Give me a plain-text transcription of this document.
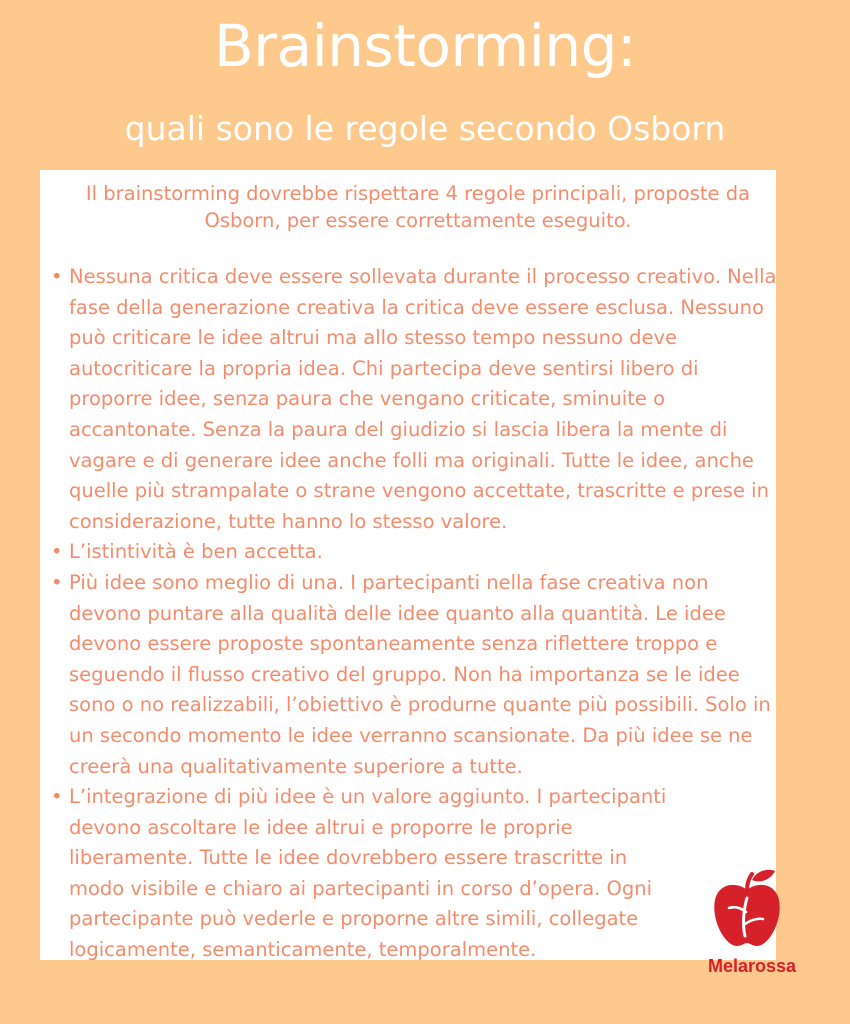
Brainstorming:
quali sono le regole secondo Osborn

Il brainstorming dovrebbe rispettare 4 regole principali, proposte da Osborn, per essere correttamente eseguito.

• Nessuna critica deve essere sollevata durante il processo creativo. Nella fase della generazione creativa la critica deve essere esclusa. Nessuno può criticare le idee altrui ma allo stesso tempo nessuno deve autocriticare la propria idea. Chi partecipa deve sentirsi libero di proporre idee, senza paura che vengano criticate, sminuite o accantonate. Senza la paura del giudizio si lascia libera la mente di vagare e di generare idee anche folli ma originali. Tutte le idee, anche quelle più strampalate o strane vengono accettate, trascritte e prese in considerazione, tutte hanno lo stesso valore.
• L’istintività è ben accetta.
• Più idee sono meglio di una. I partecipanti nella fase creativa non devono puntare alla qualità delle idee quanto alla quantità. Le idee devono essere proposte spontaneamente senza riflettere troppo e seguendo il flusso creativo del gruppo. Non ha importanza se le idee sono o no realizzabili, l’obiettivo è produrne quante più possibili. Solo in un secondo momento le idee verranno scansionate. Da più idee se ne creerà una qualitativamente superiore a tutte.
• L’integrazione di più idee è un valore aggiunto. I partecipanti devono ascoltare le idee altrui e proporre le proprie liberamente. Tutte le idee dovrebbero essere trascritte in modo visibile e chiaro ai partecipanti in corso d’opera. Ogni partecipante può vederle e proporne altre simili, collegate logicamente, semanticamente, temporalmente.
Melarossa
